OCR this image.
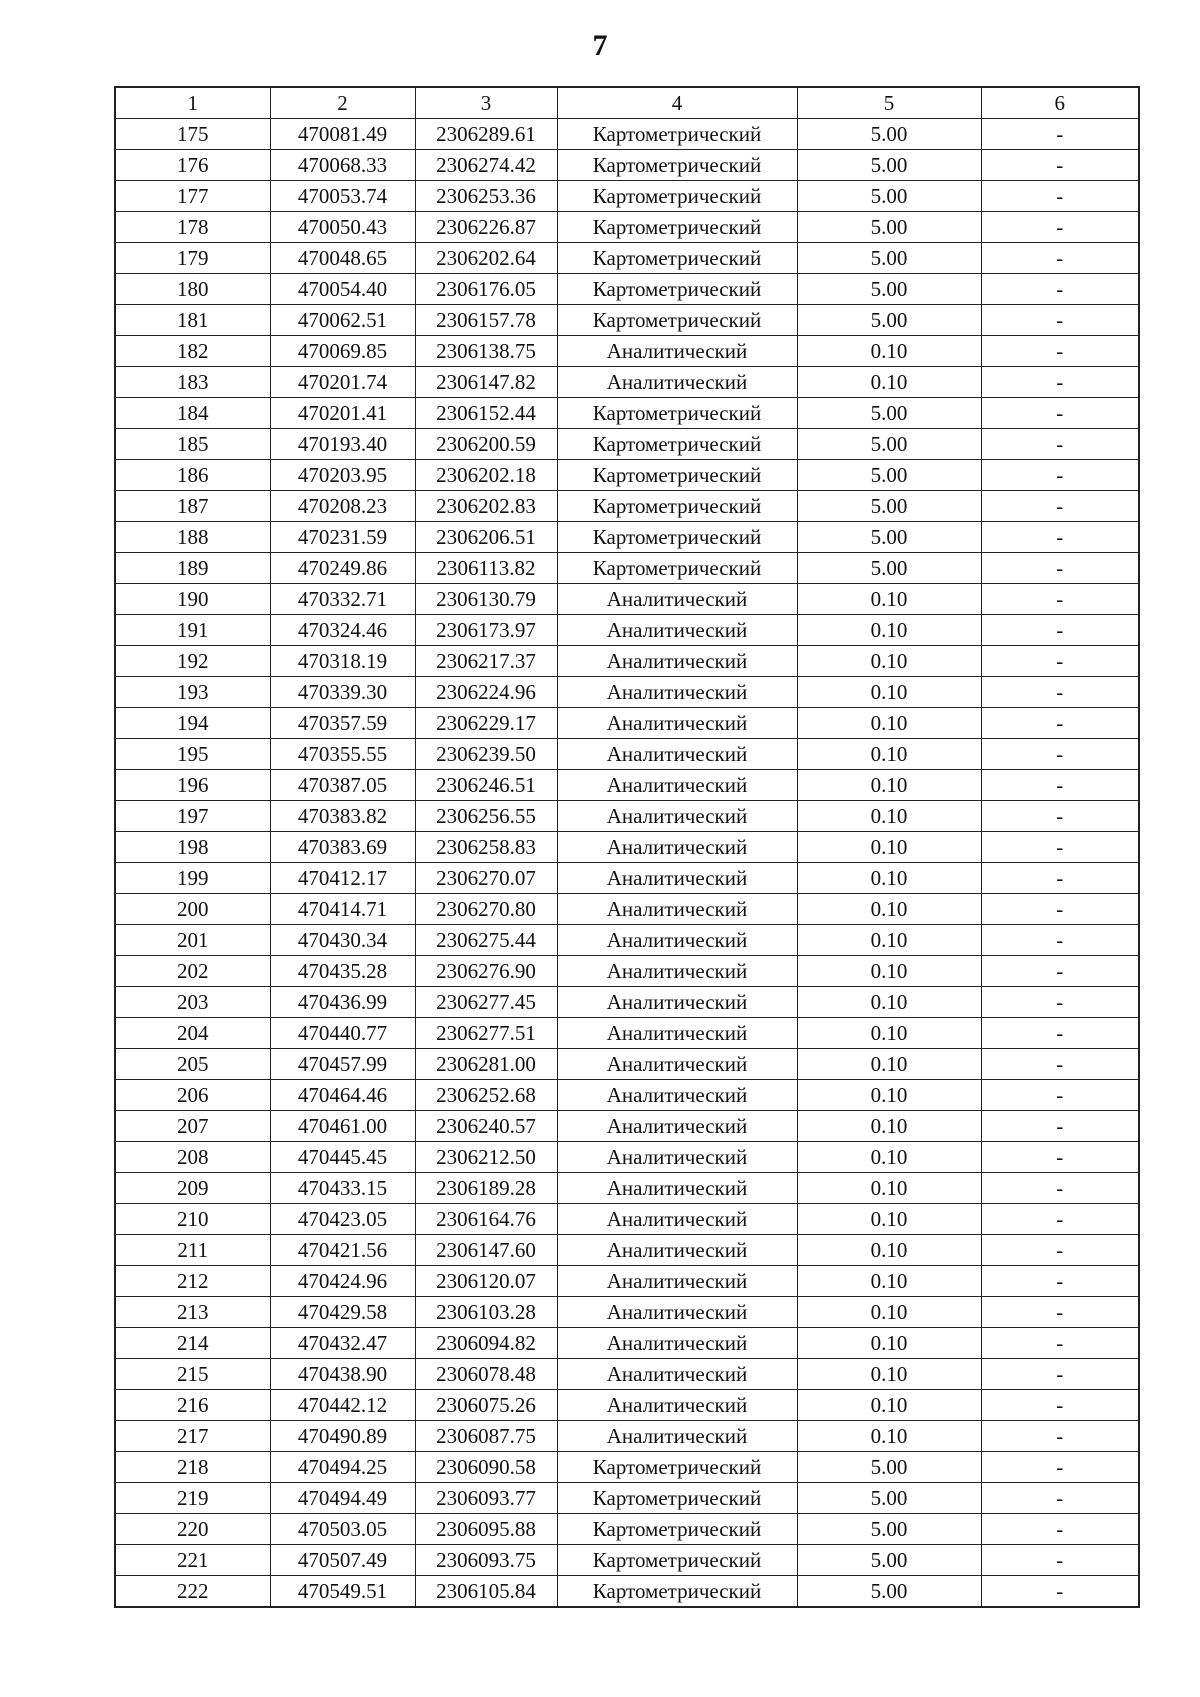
7
1	2	3	4	5	6
175	470081.49	2306289.61	Картометрический	5.00	-
176	470068.33	2306274.42	Картометрический	5.00	-
177	470053.74	2306253.36	Картометрический	5.00	-
178	470050.43	2306226.87	Картометрический	5.00	-
179	470048.65	2306202.64	Картометрический	5.00	-
180	470054.40	2306176.05	Картометрический	5.00	-
181	470062.51	2306157.78	Картометрический	5.00	-
182	470069.85	2306138.75	Аналитический	0.10	-
183	470201.74	2306147.82	Аналитический	0.10	-
184	470201.41	2306152.44	Картометрический	5.00	-
185	470193.40	2306200.59	Картометрический	5.00	-
186	470203.95	2306202.18	Картометрический	5.00	-
187	470208.23	2306202.83	Картометрический	5.00	-
188	470231.59	2306206.51	Картометрический	5.00	-
189	470249.86	2306113.82	Картометрический	5.00	-
190	470332.71	2306130.79	Аналитический	0.10	-
191	470324.46	2306173.97	Аналитический	0.10	-
192	470318.19	2306217.37	Аналитический	0.10	-
193	470339.30	2306224.96	Аналитический	0.10	-
194	470357.59	2306229.17	Аналитический	0.10	-
195	470355.55	2306239.50	Аналитический	0.10	-
196	470387.05	2306246.51	Аналитический	0.10	-
197	470383.82	2306256.55	Аналитический	0.10	-
198	470383.69	2306258.83	Аналитический	0.10	-
199	470412.17	2306270.07	Аналитический	0.10	-
200	470414.71	2306270.80	Аналитический	0.10	-
201	470430.34	2306275.44	Аналитический	0.10	-
202	470435.28	2306276.90	Аналитический	0.10	-
203	470436.99	2306277.45	Аналитический	0.10	-
204	470440.77	2306277.51	Аналитический	0.10	-
205	470457.99	2306281.00	Аналитический	0.10	-
206	470464.46	2306252.68	Аналитический	0.10	-
207	470461.00	2306240.57	Аналитический	0.10	-
208	470445.45	2306212.50	Аналитический	0.10	-
209	470433.15	2306189.28	Аналитический	0.10	-
210	470423.05	2306164.76	Аналитический	0.10	-
211	470421.56	2306147.60	Аналитический	0.10	-
212	470424.96	2306120.07	Аналитический	0.10	-
213	470429.58	2306103.28	Аналитический	0.10	-
214	470432.47	2306094.82	Аналитический	0.10	-
215	470438.90	2306078.48	Аналитический	0.10	-
216	470442.12	2306075.26	Аналитический	0.10	-
217	470490.89	2306087.75	Аналитический	0.10	-
218	470494.25	2306090.58	Картометрический	5.00	-
219	470494.49	2306093.77	Картометрический	5.00	-
220	470503.05	2306095.88	Картометрический	5.00	-
221	470507.49	2306093.75	Картометрический	5.00	-
222	470549.51	2306105.84	Картометрический	5.00	-
